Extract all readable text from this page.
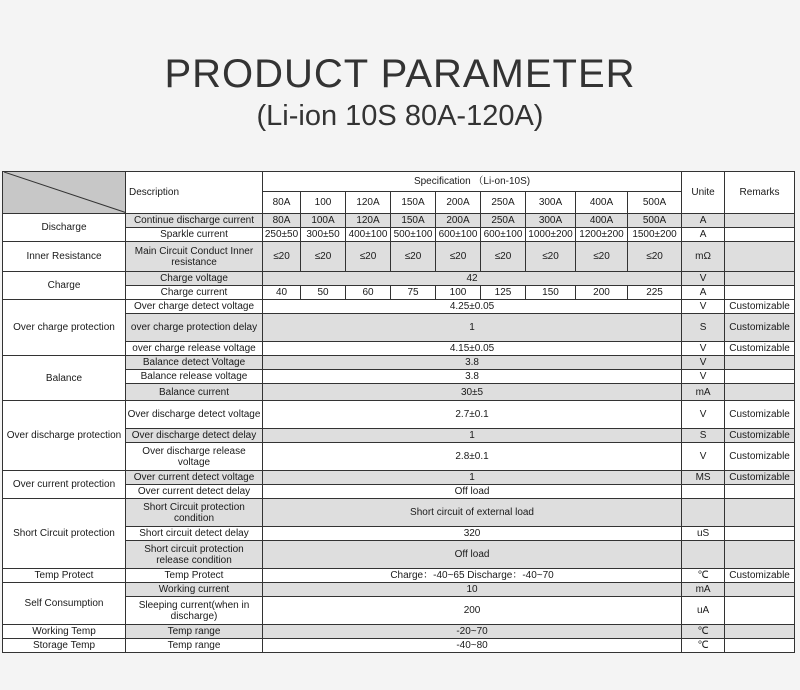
PRODUCT PARAMETER
(Li-ion 10S 80A-120A)
	Description	Specification （Li-on-10S)									Unite	Remarks
		80A	100	120A	150A	200A	250A	300A	400A	500A		
Discharge	Continue discharge current	80A	100A	120A	150A	200A	250A	300A	400A	500A	A	
	Sparkle current	250±50	300±50	400±100	500±100	600±100	600±100	1000±200	1200±200	1500±200	A	
Inner Resistance	Main Circuit Conduct Inner resistance	≤20	≤20	≤20	≤20	≤20	≤20	≤20	≤20	≤20	mΩ	
Charge	Charge voltage	42									V	
	Charge current	40	50	60	75	100	125	150	200	225	A	
Over charge protection	Over charge detect voltage	4.25±0.05									V	Customizable
	over charge protection delay	1									S	Customizable
	over charge release voltage	4.15±0.05									V	Customizable
Balance	Balance detect Voltage	3.8									V	
	Balance release voltage	3.8									V	
	Balance current	30±5									mA	
Over discharge protection	Over discharge detect voltage	2.7±0.1									V	Customizable
	Over discharge detect delay	1									S	Customizable
	Over discharge release voltage	2.8±0.1									V	Customizable
Over current protection	Over current detect voltage	1									MS	Customizable
	Over current detect delay	Off load										
Short Circuit protection	Short Circuit protection condition	Short circuit of external load										
	Short circuit detect delay	320									uS	
	Short circuit protection release condition	Off load										
Temp Protect	Temp Protect	Charge：-40~65 Discharge：-40~70									℃	Customizable
Self Consumption	Working current	10									mA	
	Sleeping current(when in discharge)	200									uA	
Working Temp	Temp range	-20~70									℃	
Storage Temp	Temp range	-40~80									℃	
